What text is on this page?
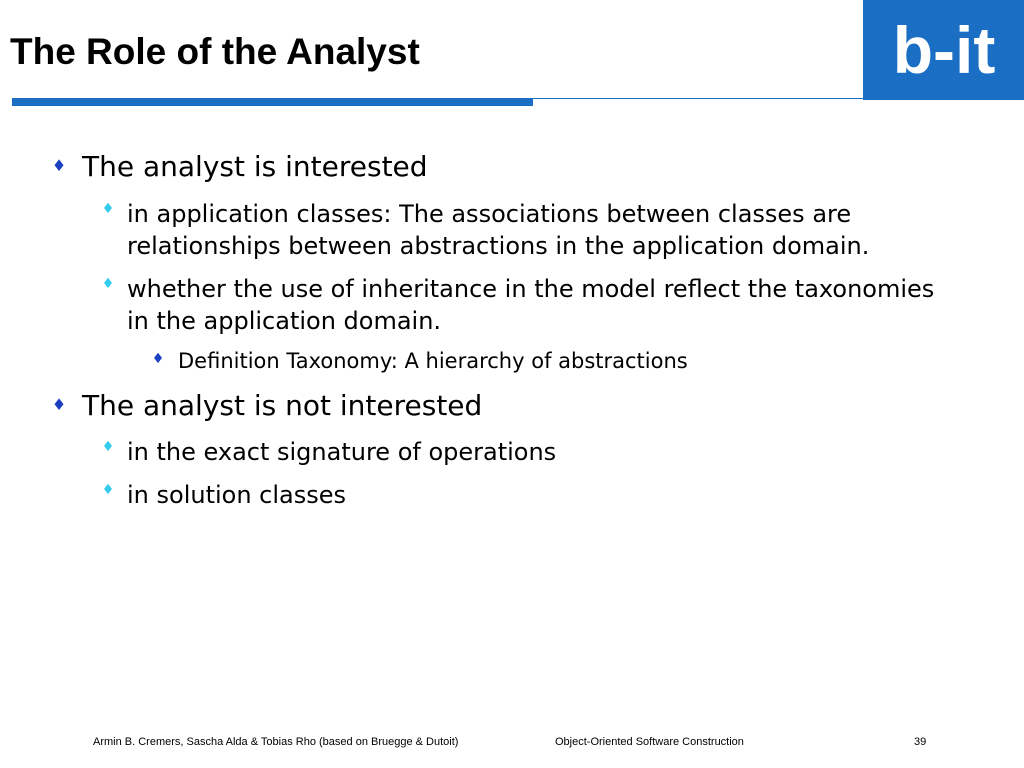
The Role of the Analyst	b-it
♦ The analyst is interested
♦ in application classes: The associations between classes are relationships between abstractions in the application domain.
♦ whether the use of inheritance in the model reflect the taxonomies in the application domain.
♦ Definition Taxonomy: A hierarchy of abstractions
♦ The analyst is not interested
♦ in the exact signature of operations
♦ in solution classes
Armin B. Cremers, Sascha Alda & Tobias Rho (based on Bruegge & Dutoit)	Object-Oriented Software Construction	39
